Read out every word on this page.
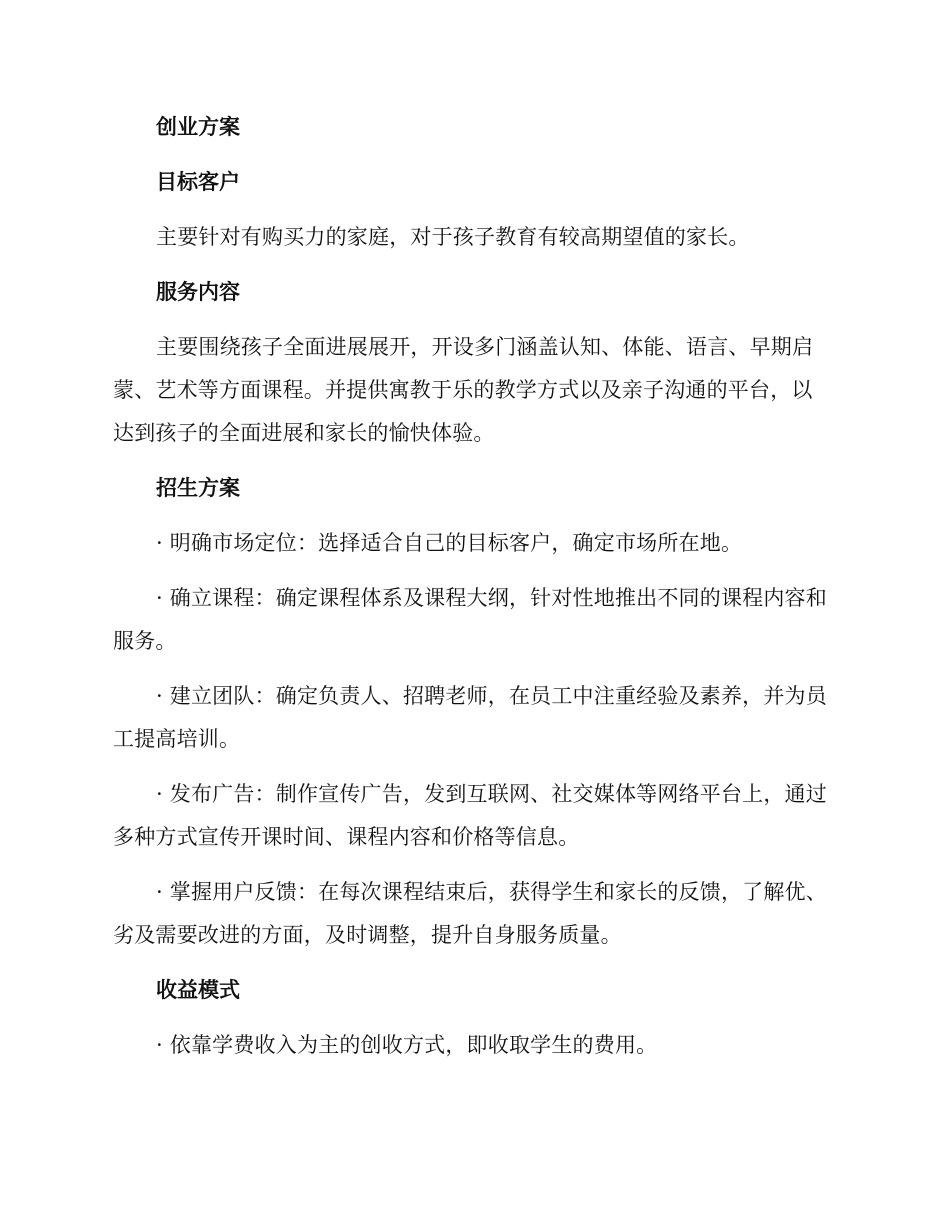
创业方案
目标客户

主要针对有购买力的家庭，对于孩子教育有较高期望值的家长。

服务内容

主要围绕孩子全面进展展开，开设多门涵盖认知、体能、语言、早期启蒙、艺术等方面课程。并提供寓教于乐的教学方式以及亲子沟通的平台，以达到孩子的全面进展和家长的愉快体验。

招生方案

· 明确市场定位：选择适合自己的目标客户，确定市场所在地。

· 确立课程：确定课程体系及课程大纲，针对性地推出不同的课程内容和服务。

· 建立团队：确定负责人、招聘老师，在员工中注重经验及素养，并为员工提高培训。

· 发布广告：制作宣传广告，发到互联网、社交媒体等网络平台上，通过多种方式宣传开课时间、课程内容和价格等信息。

· 掌握用户反馈：在每次课程结束后，获得学生和家长的反馈，了解优、劣及需要改进的方面，及时调整，提升自身服务质量。

收益模式

· 依靠学费收入为主的创收方式，即收取学生的费用。
